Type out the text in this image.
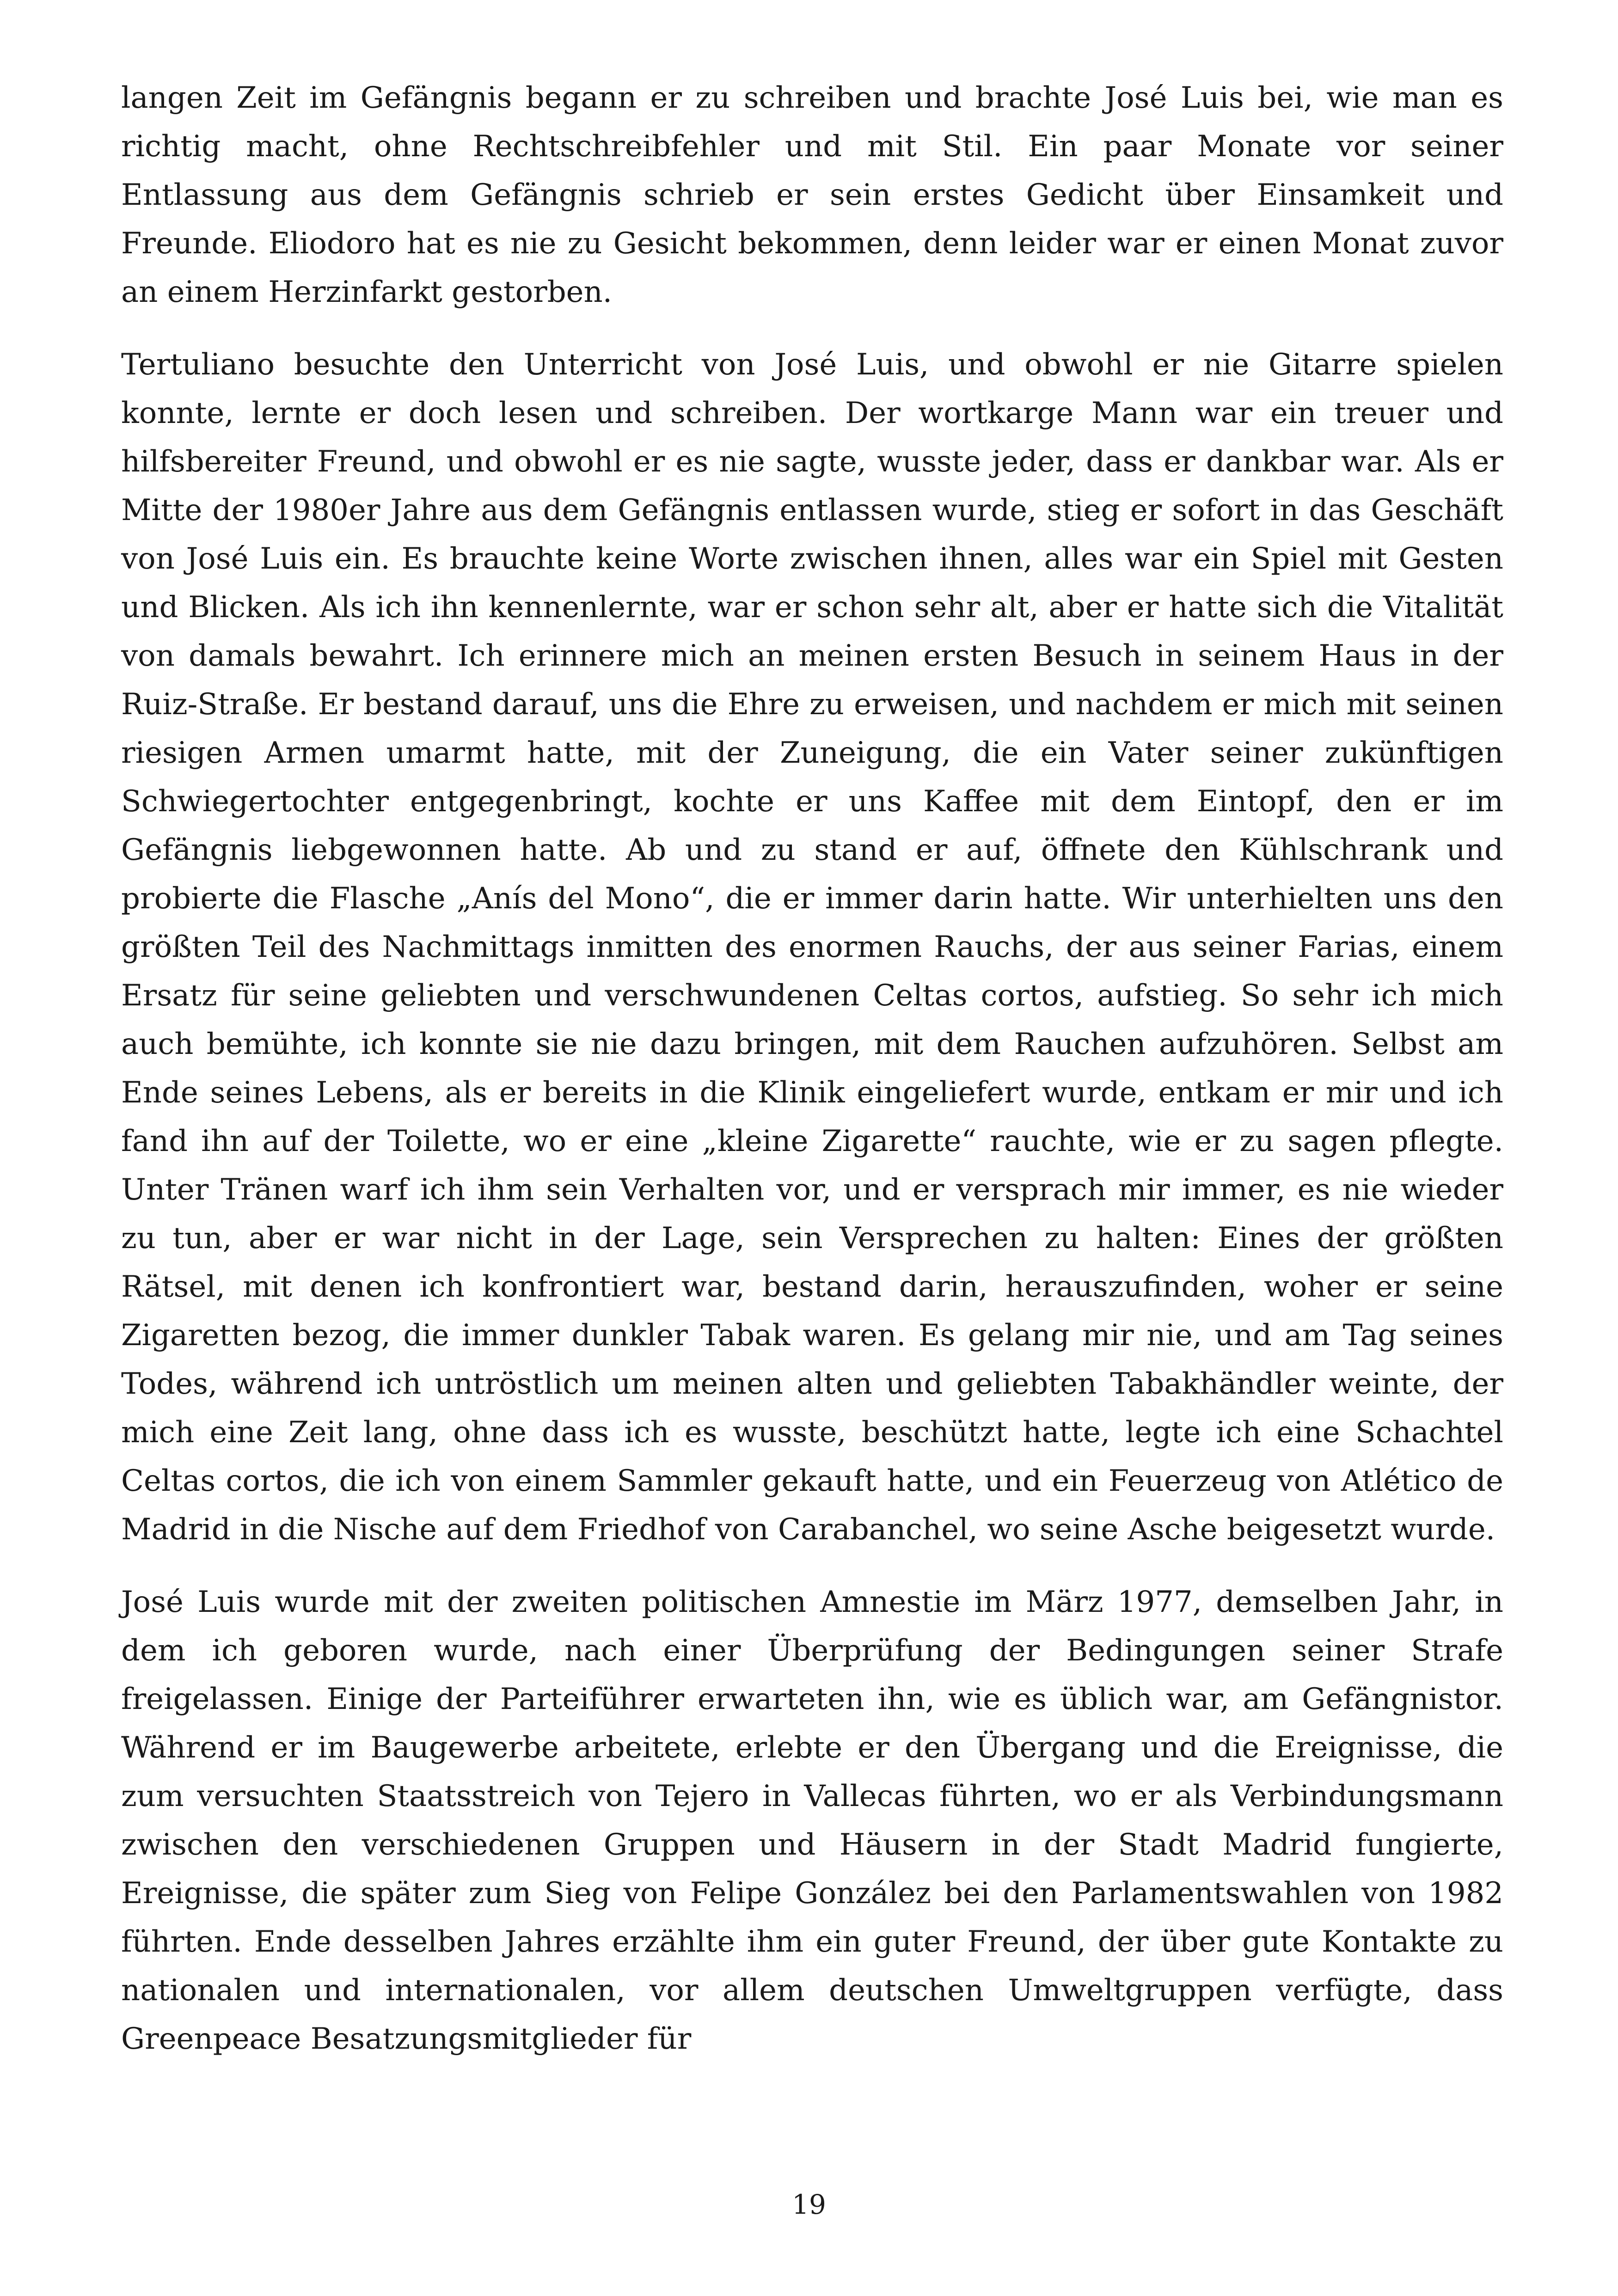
langen Zeit im Gefängnis begann er zu schreiben und brachte José Luis bei, wie man es richtig macht, ohne Rechtschreibfehler und mit Stil. Ein paar Monate vor seiner Entlassung aus dem Gefängnis schrieb er sein erstes Gedicht über Einsamkeit und Freunde. Eliodoro hat es nie zu Gesicht bekommen, denn leider war er einen Monat zuvor an einem Herzinfarkt gestorben.

Tertuliano besuchte den Unterricht von José Luis, und obwohl er nie Gitarre spielen konnte, lernte er doch lesen und schreiben. Der wortkarge Mann war ein treuer und hilfsbereiter Freund, und obwohl er es nie sagte, wusste jeder, dass er dankbar war. Als er Mitte der 1980er Jahre aus dem Gefängnis entlassen wurde, stieg er sofort in das Geschäft von José Luis ein. Es brauchte keine Worte zwischen ihnen, alles war ein Spiel mit Gesten und Blicken. Als ich ihn kennenlernte, war er schon sehr alt, aber er hatte sich die Vitalität von damals bewahrt. Ich erinnere mich an meinen ersten Besuch in seinem Haus in der Ruiz-Straße. Er bestand darauf, uns die Ehre zu erweisen, und nachdem er mich mit seinen riesigen Armen umarmt hatte, mit der Zuneigung, die ein Vater seiner zukünftigen Schwiegertochter entgegenbringt, kochte er uns Kaffee mit dem Eintopf, den er im Gefängnis liebgewonnen hatte. Ab und zu stand er auf, öffnete den Kühlschrank und probierte die Flasche „Anís del Mono“, die er immer darin hatte. Wir unterhielten uns den größten Teil des Nachmittags inmitten des enormen Rauchs, der aus seiner Farias, einem Ersatz für seine geliebten und verschwundenen Celtas cortos, aufstieg. So sehr ich mich auch bemühte, ich konnte sie nie dazu bringen, mit dem Rauchen aufzuhören. Selbst am Ende seines Lebens, als er bereits in die Klinik eingeliefert wurde, entkam er mir und ich fand ihn auf der Toilette, wo er eine „kleine Zigarette“ rauchte, wie er zu sagen pflegte. Unter Tränen warf ich ihm sein Verhalten vor, und er versprach mir immer, es nie wieder zu tun, aber er war nicht in der Lage, sein Versprechen zu halten: Eines der größten Rätsel, mit denen ich konfrontiert war, bestand darin, herauszufinden, woher er seine Zigaretten bezog, die immer dunkler Tabak waren. Es gelang mir nie, und am Tag seines Todes, während ich untröstlich um meinen alten und geliebten Tabakhändler weinte, der mich eine Zeit lang, ohne dass ich es wusste, beschützt hatte, legte ich eine Schachtel Celtas cortos, die ich von einem Sammler gekauft hatte, und ein Feuerzeug von Atlético de Madrid in die Nische auf dem Friedhof von Carabanchel, wo seine Asche beigesetzt wurde.

José Luis wurde mit der zweiten politischen Amnestie im März 1977, demselben Jahr, in dem ich geboren wurde, nach einer Überprüfung der Bedingungen seiner Strafe freigelassen. Einige der Parteiführer erwarteten ihn, wie es üblich war, am Gefängnistor. Während er im Baugewerbe arbeitete, erlebte er den Übergang und die Ereignisse, die zum versuchten Staatsstreich von Tejero in Vallecas führten, wo er als Verbindungsmann zwischen den verschiedenen Gruppen und Häusern in der Stadt Madrid fungierte, Ereignisse, die später zum Sieg von Felipe González bei den Parlamentswahlen von 1982 führten. Ende desselben Jahres erzählte ihm ein guter Freund, der über gute Kontakte zu nationalen und internationalen, vor allem deutschen Umweltgruppen verfügte, dass Greenpeace Besatzungsmitglieder für

19
